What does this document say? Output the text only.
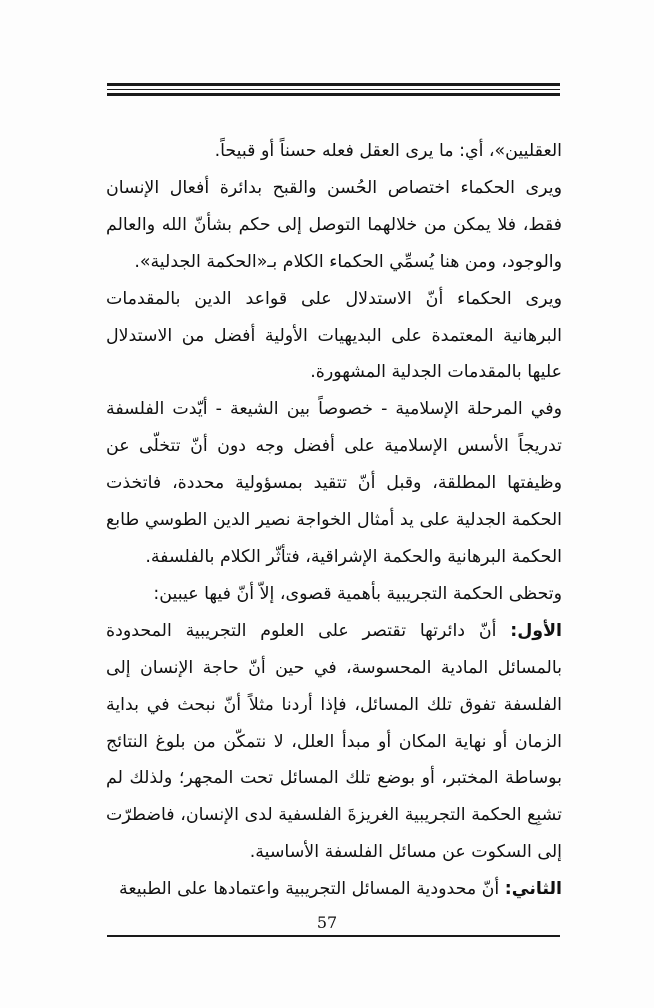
العقليين»، أي: ما يرى العقل فعله حسناً أو قبيحاً.

ويرى الحكماء اختصاص الحُسن والقبح بدائرة أفعال الإنسان فقط، فلا يمكن من خلالهما التوصل إلى حكم بشأنّ الله والعالم والوجود، ومن هنا يُسمِّي الحكماء الكلام بـ«الحكمة الجدلية».

ويرى الحكماء أنّ الاستدلال على قواعد الدين بالمقدمات البرهانية المعتمدة على البديهيات الأولية أفضل من الاستدلال عليها بالمقدمات الجدلية المشهورة.

وفي المرحلة الإسلامية - خصوصاً بين الشيعة - أيّدت الفلسفة تدريجاً الأسس الإسلامية على أفضل وجه دون أنّ تتخلّى عن وظيفتها المطلقة، وقبل أنّ تتقيد بمسؤولية محددة، فاتخذت الحكمة الجدلية على يد أمثال الخواجة نصير الدين الطوسي طابع الحكمة البرهانية والحكمة الإشراقية، فتأثّر الكلام بالفلسفة.

وتحظى الحكمة التجريبية بأهمية قصوى، إلاّ أنّ فيها عيبين:

الأول: أنّ دائرتها تقتصر على العلوم التجريبية المحدودة بالمسائل المادية المحسوسة، في حين أنّ حاجة الإنسان إلى الفلسفة تفوق تلك المسائل، فإذا أردنا مثلاً أنّ نبحث في بداية الزمان أو نهاية المكان أو مبدأ العلل، لا نتمكّن من بلوغ النتائج بوساطة المختبر، أو بوضع تلك المسائل تحت المجهر؛ ولذلك لم تشبِع الحكمة التجريبية الغريزةَ الفلسفية لدى الإنسان، فاضطرّت إلى السكوت عن مسائل الفلسفة الأساسية.

الثاني: أنّ محدودية المسائل التجريبية واعتمادها على الطبيعة

57
